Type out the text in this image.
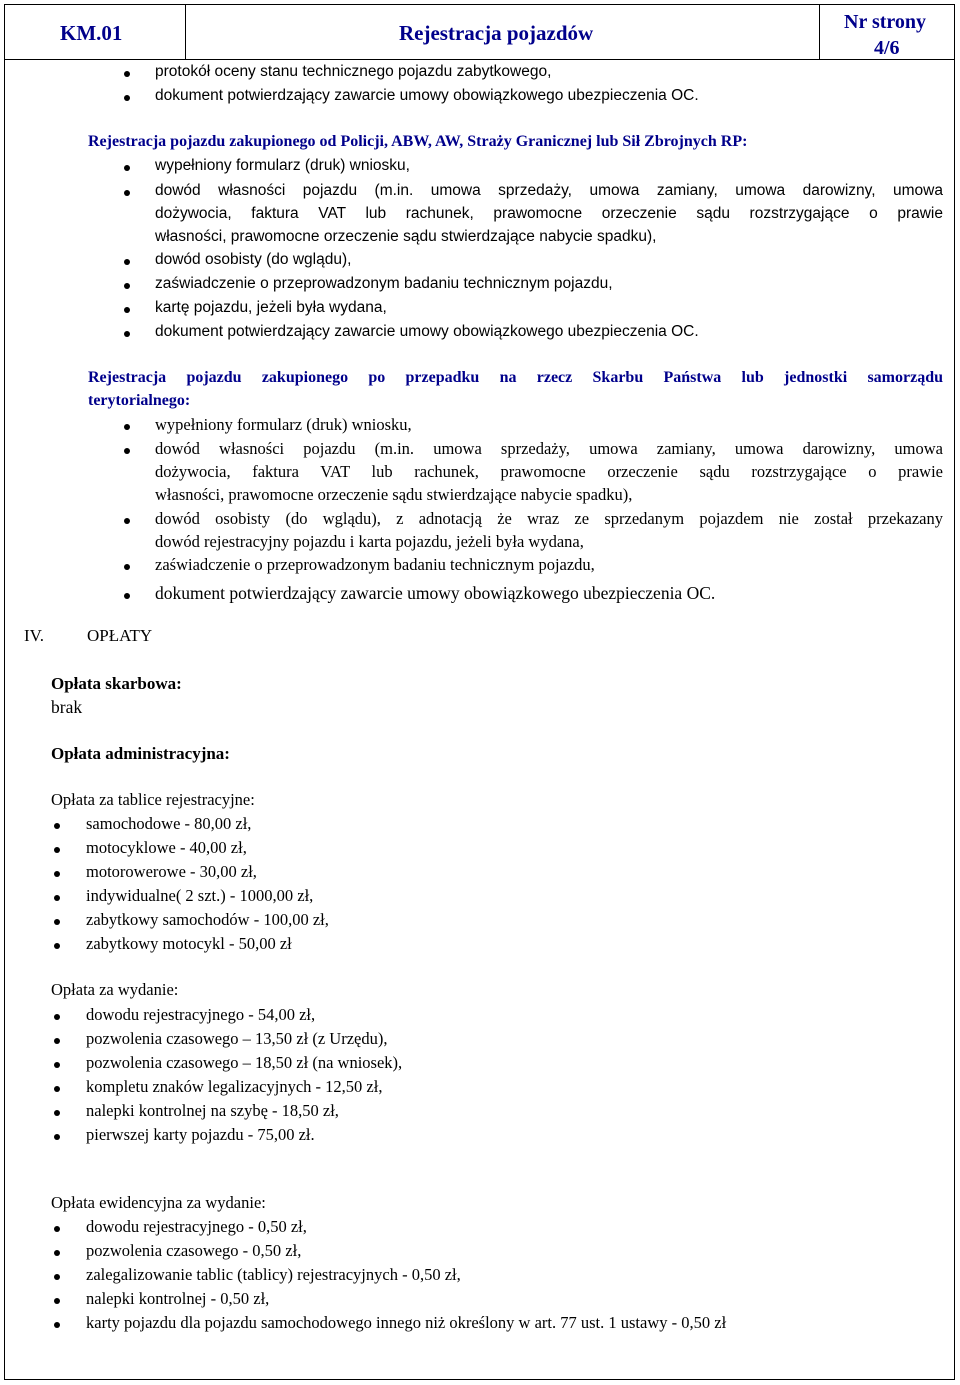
KM.01	Rejestracja pojazdów	Nr strony
4/6
protokół oceny stanu technicznego pojazdu zabytkowego,
dokument potwierdzający zawarcie umowy obowiązkowego ubezpieczenia OC.
Rejestracja pojazdu zakupionego od Policji, ABW, AW, Straży Granicznej lub Sił Zbrojnych RP:
wypełniony formularz (druk) wniosku,
dowód własności pojazdu (m.in. umowa sprzedaży, umowa zamiany, umowa darowizny, umowa
dożywocia, faktura VAT lub rachunek, prawomocne orzeczenie sądu rozstrzygające o prawie
własności, prawomocne orzeczenie sądu stwierdzające nabycie spadku),
dowód osobisty (do wglądu),
zaświadczenie o przeprowadzonym badaniu technicznym pojazdu,
kartę pojazdu, jeżeli była wydana,
dokument potwierdzający zawarcie umowy obowiązkowego ubezpieczenia OC.
Rejestracja pojazdu zakupionego po przepadku na rzecz Skarbu Państwa lub jednostki samorządu
terytorialnego:
wypełniony formularz (druk) wniosku,
dowód własności pojazdu (m.in. umowa sprzedaży, umowa zamiany, umowa darowizny, umowa
dożywocia, faktura VAT lub rachunek, prawomocne orzeczenie sądu rozstrzygające o prawie
własności, prawomocne orzeczenie sądu stwierdzające nabycie spadku),
dowód osobisty (do wglądu), z adnotacją że wraz ze sprzedanym pojazdem nie został przekazany
dowód rejestracyjny pojazdu i karta pojazdu, jeżeli była wydana,
zaświadczenie o przeprowadzonym badaniu technicznym pojazdu,
dokument potwierdzający zawarcie umowy obowiązkowego ubezpieczenia OC.
IV.	OPŁATY
Opłata skarbowa:
brak
Opłata administracyjna:
Opłata za tablice rejestracyjne:
samochodowe - 80,00 zł,
motocyklowe - 40,00 zł,
motorowerowe - 30,00 zł,
indywidualne( 2 szt.) - 1000,00 zł,
zabytkowy samochodów - 100,00 zł,
zabytkowy motocykl - 50,00 zł
Opłata za wydanie:
dowodu rejestracyjnego - 54,00 zł,
pozwolenia czasowego – 13,50 zł (z Urzędu),
pozwolenia czasowego – 18,50 zł (na wniosek),
kompletu znaków legalizacyjnych - 12,50 zł,
nalepki kontrolnej na szybę - 18,50 zł,
pierwszej karty pojazdu - 75,00 zł.
Opłata ewidencyjna za wydanie:
dowodu rejestracyjnego - 0,50 zł,
pozwolenia czasowego - 0,50 zł,
zalegalizowanie tablic (tablicy) rejestracyjnych - 0,50 zł,
nalepki kontrolnej - 0,50 zł,
karty pojazdu dla pojazdu samochodowego innego niż określony w art. 77 ust. 1 ustawy - 0,50 zł
